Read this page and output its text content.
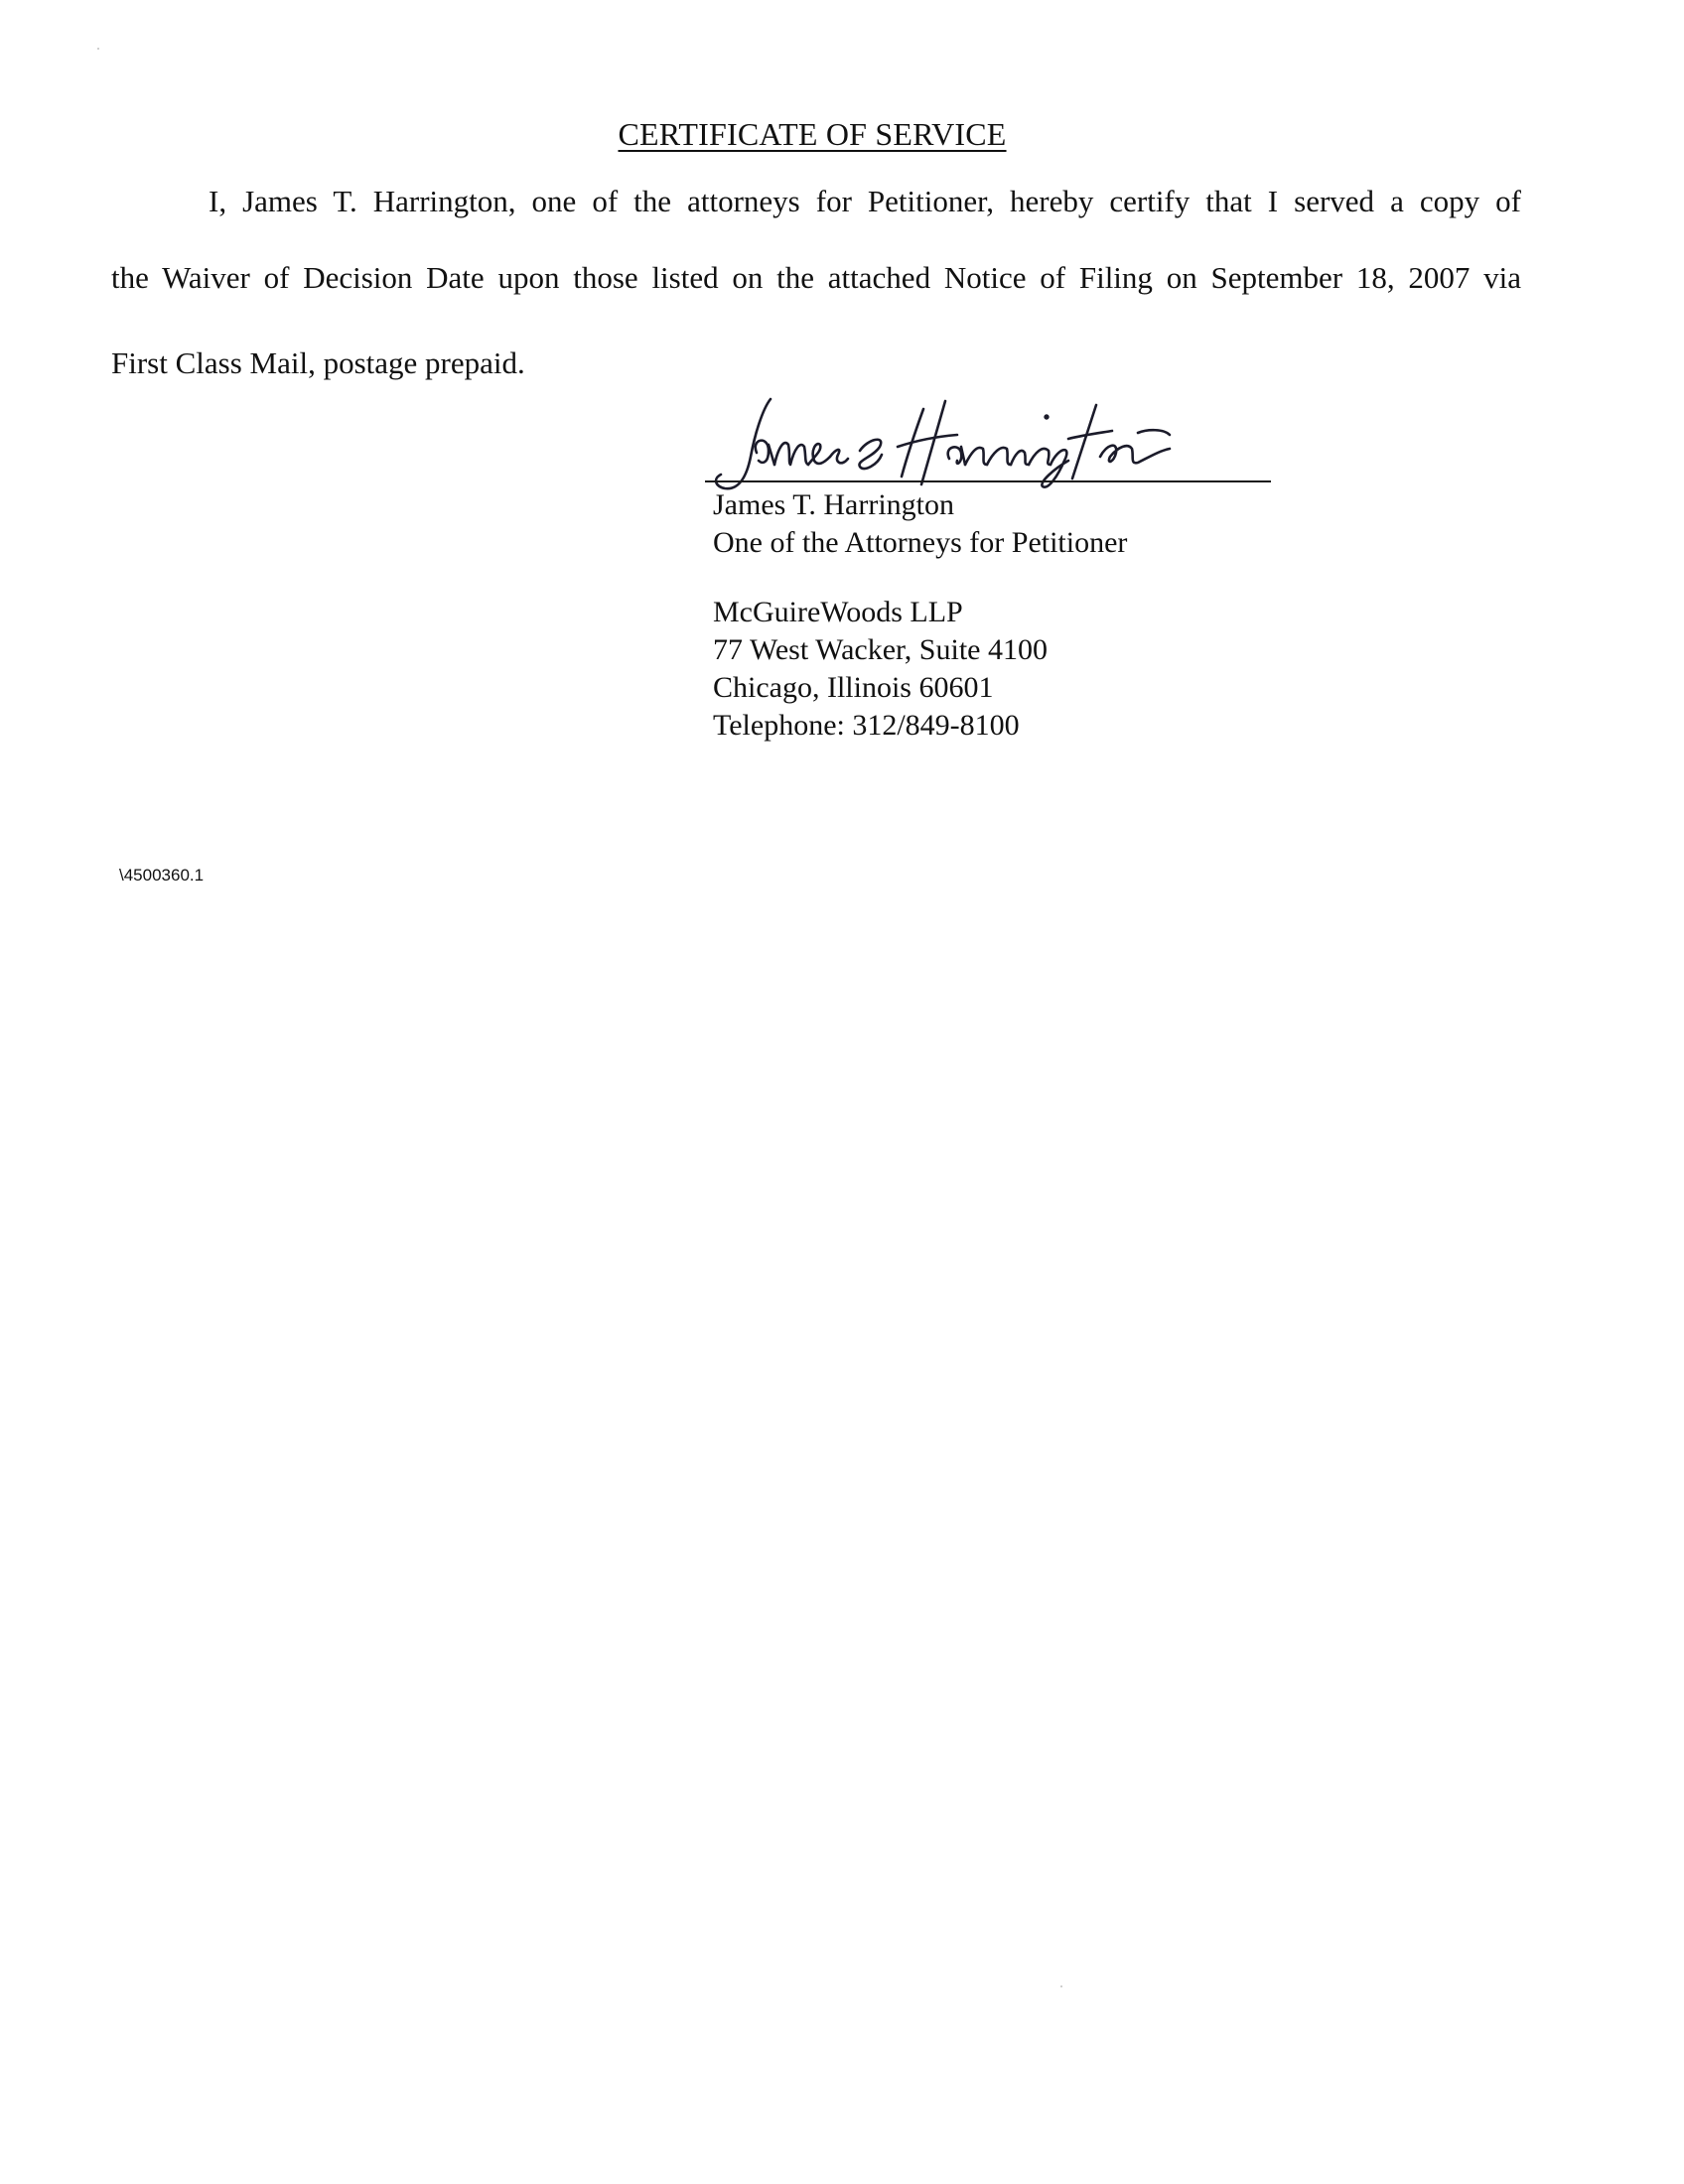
CERTIFICATE OF SERVICE
I, James T. Harrington, one of the attorneys for Petitioner, hereby certify that I served a copy of
the Waiver of Decision Date upon those listed on the attached Notice of Filing on September 18, 2007 via
First Class Mail, postage prepaid.
James T. Harrington
One of the Attorneys for Petitioner
McGuireWoods LLP
77 West Wacker, Suite 4100
Chicago, Illinois 60601
Telephone: 312/849-8100
\4500360.1
